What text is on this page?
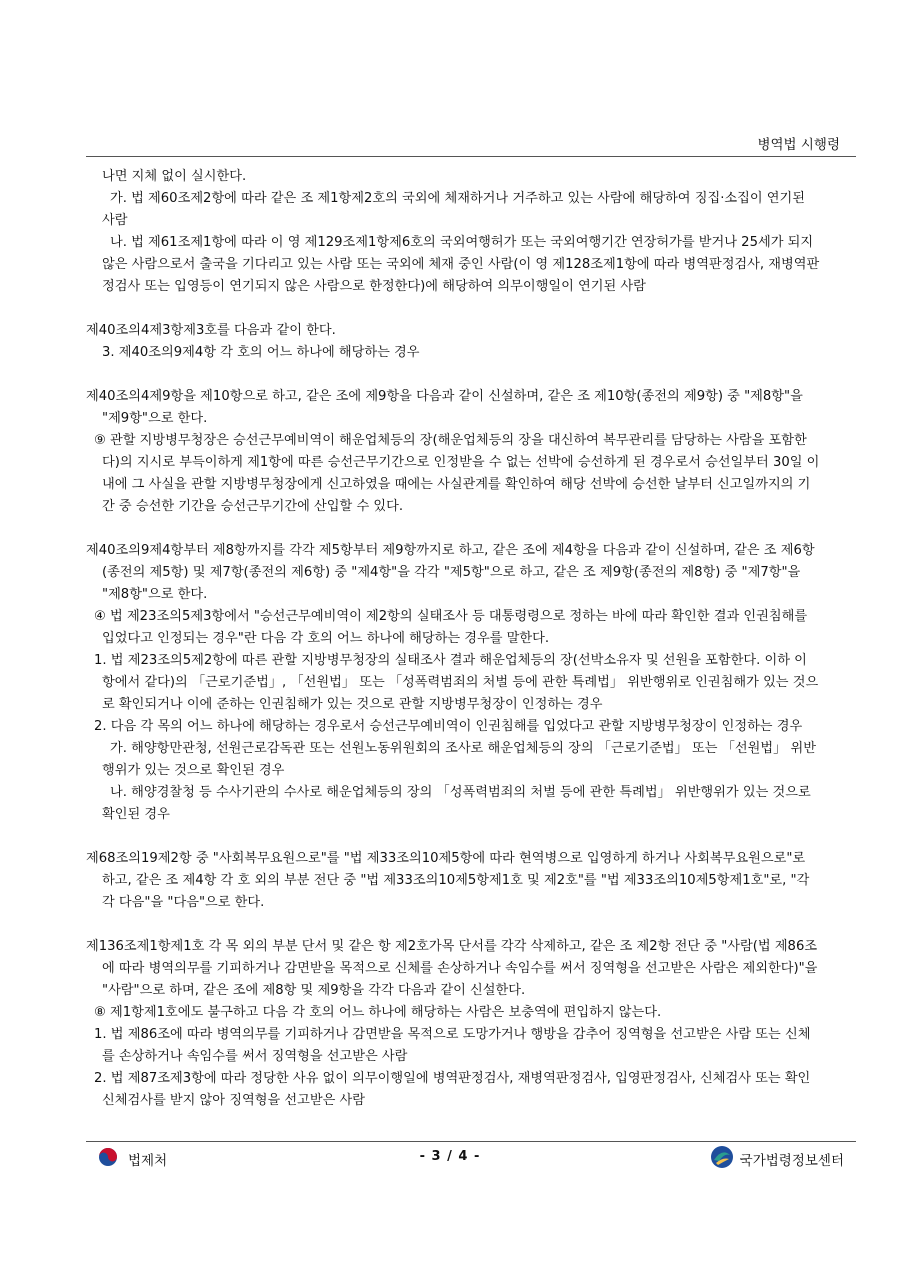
병역법 시행령

나면 지체 없이 실시한다.

가. 법 제60조제2항에 따라 같은 조 제1항제2호의 국외에 체재하거나 거주하고 있는 사람에 해당하여 징집·소집이 연기된 사람

나. 법 제61조제1항에 따라 이 영 제129조제1항제6호의 국외여행허가 또는 국외여행기간 연장허가를 받거나 25세가 되지 않은 사람으로서 출국을 기다리고 있는 사람 또는 국외에 체재 중인 사람(이 영 제128조제1항에 따라 병역판정검사, 재병역판정검사 또는 입영등이 연기되지 않은 사람으로 한정한다)에 해당하여 의무이행일이 연기된 사람

제40조의4제3항제3호를 다음과 같이 한다.

3. 제40조의9제4항 각 호의 어느 하나에 해당하는 경우

제40조의4제9항을 제10항으로 하고, 같은 조에 제9항을 다음과 같이 신설하며, 같은 조 제10항(종전의 제9항) 중 "제8항"을 "제9항"으로 한다.

⑨ 관할 지방병무청장은 승선근무예비역이 해운업체등의 장(해운업체등의 장을 대신하여 복무관리를 담당하는 사람을 포함한다)의 지시로 부득이하게 제1항에 따른 승선근무기간으로 인정받을 수 없는 선박에 승선하게 된 경우로서 승선일부터 30일 이내에 그 사실을 관할 지방병무청장에게 신고하였을 때에는 사실관계를 확인하여 해당 선박에 승선한 날부터 신고일까지의 기간 중 승선한 기간을 승선근무기간에 산입할 수 있다.

제40조의9제4항부터 제8항까지를 각각 제5항부터 제9항까지로 하고, 같은 조에 제4항을 다음과 같이 신설하며, 같은 조 제6항(종전의 제5항) 및 제7항(종전의 제6항) 중 "제4항"을 각각 "제5항"으로 하고, 같은 조 제9항(종전의 제8항) 중 "제7항"을 "제8항"으로 한다.

④ 법 제23조의5제3항에서 "승선근무예비역이 제2항의 실태조사 등 대통령령으로 정하는 바에 따라 확인한 결과 인권침해를 입었다고 인정되는 경우"란 다음 각 호의 어느 하나에 해당하는 경우를 말한다.

1. 법 제23조의5제2항에 따른 관할 지방병무청장의 실태조사 결과 해운업체등의 장(선박소유자 및 선원을 포함한다. 이하 이 항에서 같다)의 「근로기준법」, 「선원법」 또는 「성폭력범죄의 처벌 등에 관한 특례법」 위반행위로 인권침해가 있는 것으로 확인되거나 이에 준하는 인권침해가 있는 것으로 관할 지방병무청장이 인정하는 경우

2. 다음 각 목의 어느 하나에 해당하는 경우로서 승선근무예비역이 인권침해를 입었다고 관할 지방병무청장이 인정하는 경우

가. 해양항만관청, 선원근로감독관 또는 선원노동위원회의 조사로 해운업체등의 장의 「근로기준법」 또는 「선원법」 위반행위가 있는 것으로 확인된 경우

나. 해양경찰청 등 수사기관의 수사로 해운업체등의 장의 「성폭력범죄의 처벌 등에 관한 특례법」 위반행위가 있는 것으로 확인된 경우

제68조의19제2항 중 "사회복무요원으로"를 "법 제33조의10제5항에 따라 현역병으로 입영하게 하거나 사회복무요원으로"로 하고, 같은 조 제4항 각 호 외의 부분 전단 중 "법 제33조의10제5항제1호 및 제2호"를 "법 제33조의10제5항제1호"로, "각각 다음"을 "다음"으로 한다.

제136조제1항제1호 각 목 외의 부분 단서 및 같은 항 제2호가목 단서를 각각 삭제하고, 같은 조 제2항 전단 중 "사람(법 제86조에 따라 병역의무를 기피하거나 감면받을 목적으로 신체를 손상하거나 속임수를 써서 징역형을 선고받은 사람은 제외한다)"을 "사람"으로 하며, 같은 조에 제8항 및 제9항을 각각 다음과 같이 신설한다.

⑧ 제1항제1호에도 불구하고 다음 각 호의 어느 하나에 해당하는 사람은 보충역에 편입하지 않는다.

1. 법 제86조에 따라 병역의무를 기피하거나 감면받을 목적으로 도망가거나 행방을 감추어 징역형을 선고받은 사람 또는 신체를 손상하거나 속임수를 써서 징역형을 선고받은 사람

2. 법 제87조제3항에 따라 정당한 사유 없이 의무이행일에 병역판정검사, 재병역판정검사, 입영판정검사, 신체검사 또는 확인신체검사를 받지 않아 징역형을 선고받은 사람

법제처	- 3 / 4 -	국가법령정보센터
